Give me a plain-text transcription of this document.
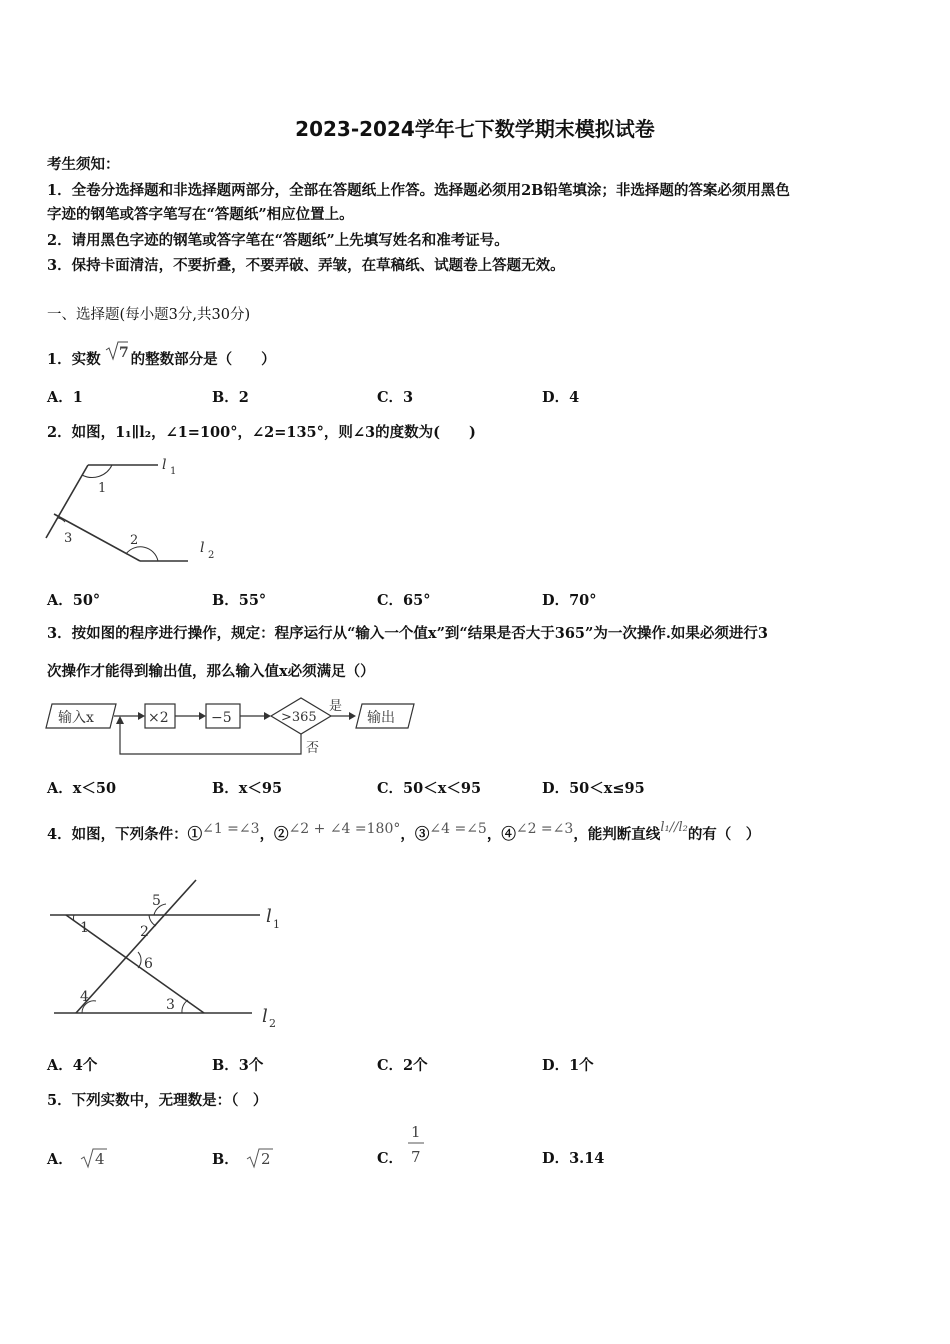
2023-2024学年七下数学期末模拟试卷
考生须知：
1．全卷分选择题和非选择题两部分，全部在答题纸上作答。选择题必须用2B铅笔填涂；非选择题的答案必须用黑色
字迹的钢笔或答字笔写在“答题纸”相应位置上。
2．请用黑色字迹的钢笔或答字笔在“答题纸”上先填写姓名和准考证号。
3．保持卡面清洁，不要折叠，不要弄破、弄皱，在草稿纸、试题卷上答题无效。
一、选择题(每小题3分,共30分)
1．实数 7 的整数部分是（　　）
A．1	B．2	C．3	D．4
2．如图，1₁∥l₂，∠1=100°，∠2=135°，则∠3的度数为(　　)
1
3	2
l 1
l 2
A．50°	B．55°	C．65°	D．70°
3．按如图的程序进行操作，规定：程序运行从“输入一个值x”到“结果是否大于365”为一次操作.如果必须进行3
次操作才能得到输出值，那么输入值x必须满足（）
输入x	×2	−5	>365
是
输出
否
A．x＜50	B．x＜95	C．50＜x＜95	D．50＜x≤95
4．如图，下列条件：①∠1 =∠3，②∠2 + ∠4 =180°，③∠4 =∠5，④∠2 =∠3，能判断直线l₁//l₂的有（　）
1	2
3
4
5
6
l 1
l 2
A．4个	B．3个	C．2个	D．1个
5．下列实数中，无理数是：（　）
A． 4	B． 2	C．
1
7	D．3.14
